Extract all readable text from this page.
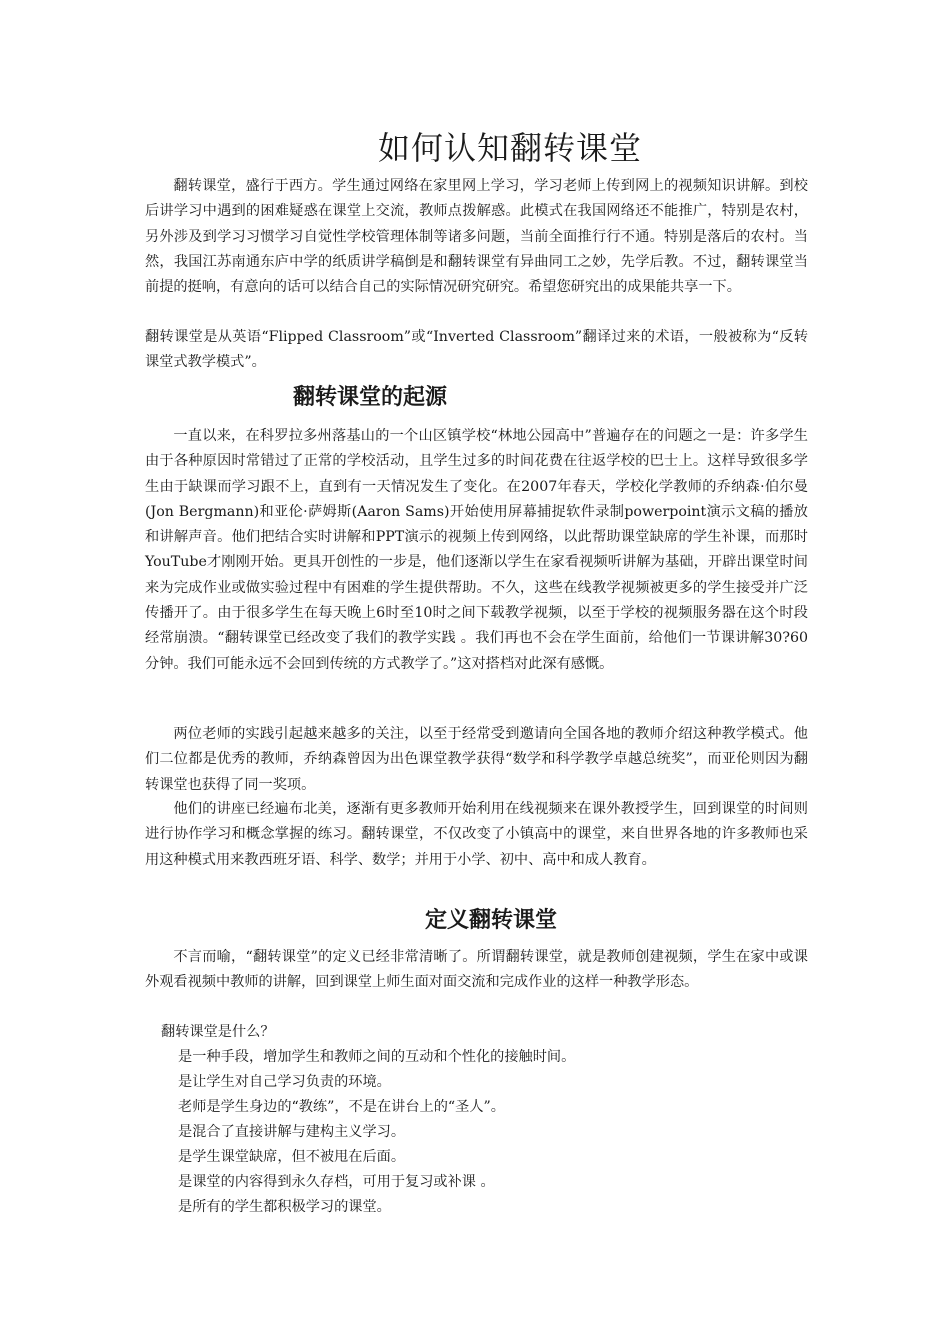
如何认知翻转课堂

翻转课堂，盛行于西方。学生通过网络在家里网上学习，学习老师上传到网上的视频知识讲解。到校后讲学习中遇到的困难疑惑在课堂上交流，教师点拨解惑。此模式在我国网络还不能推广，特别是农村，另外涉及到学习习惯学习自觉性学校管理体制等诸多问题，当前全面推行行不通。特别是落后的农村。当然，我国江苏南通东庐中学的纸质讲学稿倒是和翻转课堂有异曲同工之妙，先学后教。不过，翻转课堂当前提的挺响，有意向的话可以结合自己的实际情况研究研究。希望您研究出的成果能共享一下。

翻转课堂是从英语“Flipped Classroom”或“Inverted Classroom”翻译过来的术语，一般被称为“反转课堂式教学模式”。

翻转课堂的起源

一直以来，在科罗拉多州落基山的一个山区镇学校“林地公园高中”普遍存在的问题之一是：许多学生由于各种原因时常错过了正常的学校活动，且学生过多的时间花费在往返学校的巴士上。这样导致很多学生由于缺课而学习跟不上，直到有一天情况发生了变化。在2007年春天，学校化学教师的乔纳森·伯尔曼(Jon Bergmann)和亚伦·萨姆斯(Aaron Sams)开始使用屏幕捕捉软件录制powerpoint演示文稿的播放和讲解声音。他们把结合实时讲解和PPT演示的视频上传到网络，以此帮助课堂缺席的学生补课，而那时YouTube才刚刚开始。更具开创性的一步是，他们逐渐以学生在家看视频听讲解为基础，开辟出课堂时间来为完成作业或做实验过程中有困难的学生提供帮助。不久，这些在线教学视频被更多的学生接受并广泛传播开了。由于很多学生在每天晚上6时至10时之间下载教学视频，以至于学校的视频服务器在这个时段经常崩溃。“翻转课堂已经改变了我们的教学实践 。我们再也不会在学生面前，给他们一节课讲解30?60分钟。我们可能永远不会回到传统的方式教学了。”这对搭档对此深有感慨。

两位老师的实践引起越来越多的关注，以至于经常受到邀请向全国各地的教师介绍这种教学模式。他们二位都是优秀的教师，乔纳森曾因为出色课堂教学获得“数学和科学教学卓越总统奖”，而亚伦则因为翻转课堂也获得了同一奖项。

他们的讲座已经遍布北美，逐渐有更多教师开始利用在线视频来在课外教授学生，回到课堂的时间则进行协作学习和概念掌握的练习。翻转课堂，不仅改变了小镇高中的课堂，来自世界各地的许多教师也采用这种模式用来教西班牙语、科学、数学；并用于小学、初中、高中和成人教育。

定义翻转课堂

不言而喻，“翻转课堂”的定义已经非常清晰了。所谓翻转课堂，就是教师创建视频，学生在家中或课外观看视频中教师的讲解，回到课堂上师生面对面交流和完成作业的这样一种教学形态。

翻转课堂是什么？

是一种手段，增加学生和教师之间的互动和个性化的接触时间。

是让学生对自己学习负责的环境。

老师是学生身边的“教练”，不是在讲台上的“圣人”。

是混合了直接讲解与建构主义学习。

是学生课堂缺席，但不被甩在后面。

是课堂的内容得到永久存档，可用于复习或补课 。

是所有的学生都积极学习的课堂。
